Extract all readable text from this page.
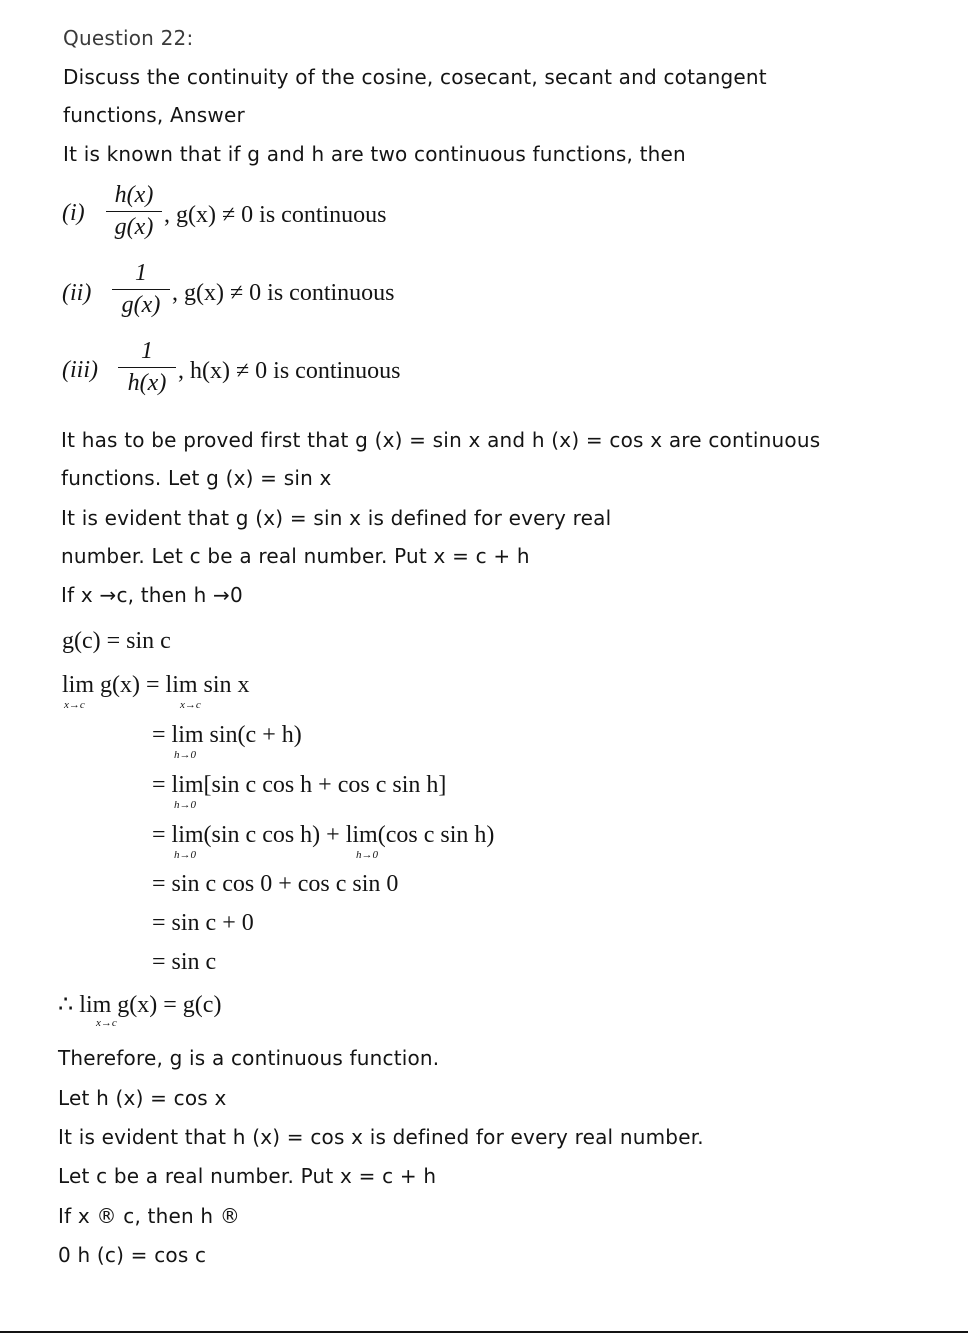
Question 22:
Discuss the continuity of the cosine, cosecant, secant and cotangent
functions, Answer
It is known that if g and h are two continuous functions, then
(i)
h(x)
g(x) , g(x) ≠ 0 is continuous
(ii)
1
g(x) , g(x) ≠ 0 is continuous
(iii)
1
h(x) , h(x) ≠ 0 is continuous
It has to be proved first that g (x) = sin x and h (x) = cos x are continuous
functions. Let g (x) = sin x
It is evident that g (x) = sin x is defined for every real
number. Let c be a real number. Put x = c + h
If x →c, then h →0
g(c) = sin c
lim g(x) = lim sin x
x→c	x→c
= lim sin(c + h)
h→0
= lim[sin c cos h + cos c sin h]
h→0
= lim(sin c cos h) + lim(cos c sin h)
h→0	h→0
= sin c cos 0 + cos c sin 0
= sin c + 0
= sin c
∴ lim g(x) = g(c)
x→c
Therefore, g is a continuous function.
Let h (x) = cos x
It is evident that h (x) = cos x is defined for every real number.
Let c be a real number. Put x = c + h
If x ® c, then h ®
0 h (c) = cos c
